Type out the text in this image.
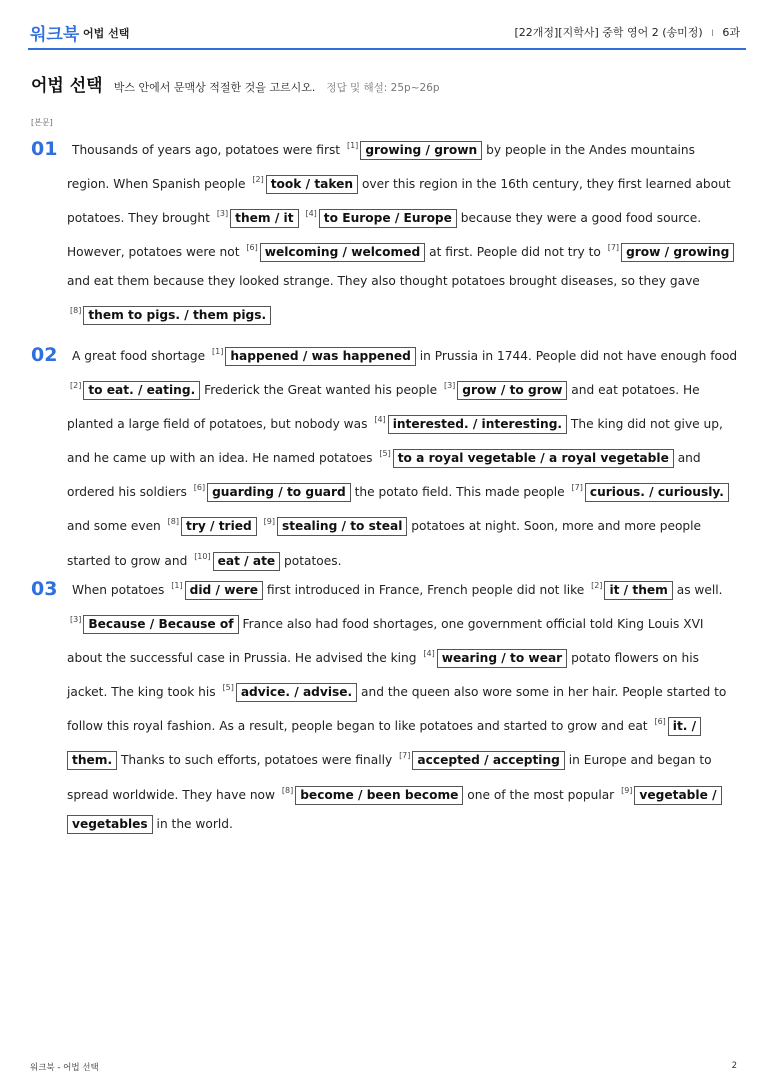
워크북 어법 선택	[22개정][지학사] 중학 영어 2 (송미정) I 6과
어법 선택 박스 안에서 문맥상 적절한 것을 고르시오. 정답 및 해설: 25p~26p
[본문]
01	Thousands of years ago, potatoes were first [1] growing / grown by people in the Andes mountains region. When Spanish people [2] took / taken over this region in the 16th century, they first learned about potatoes. They brought [3] them / it [4] to Europe / Europe because they were a good food source. However, potatoes were not [6] welcoming / welcomed at first. People did not try to [7] grow / growing and eat them because they looked strange. They also thought potatoes brought diseases, so they gave [8] them to pigs. / them pigs.
02	A great food shortage [1] happened / was happened in Prussia in 1744. People did not have enough food [2] to eat. / eating. Frederick the Great wanted his people [3] grow / to grow and eat potatoes. He planted a large field of potatoes, but nobody was [4] interested. / interesting. The king did not give up, and he came up with an idea. He named potatoes [5] to a royal vegetable / a royal vegetable and ordered his soldiers [6] guarding / to guard the potato field. This made people [7] curious. / curiously. and some even [8] try / tried [9] stealing / to steal potatoes at night. Soon, more and more people started to grow and [10] eat / ate potatoes.
03	When potatoes [1] did / were first introduced in France, French people did not like [2] it / them as well. [3] Because / Because of France also had food shortages, one government official told King Louis XVI about the successful case in Prussia. He advised the king [4] wearing / to wear potato flowers on his jacket. The king took his [5] advice. / advise. and the queen also wore some in her hair. People started to follow this royal fashion. As a result, people began to like potatoes and started to grow and eat [6] it. / them. Thanks to such efforts, potatoes were finally [7] accepted / accepting in Europe and began to spread worldwide. They have now [8] become / been become one of the most popular [9] vegetable / vegetables in the world.
워크북 - 어법 선택	2
